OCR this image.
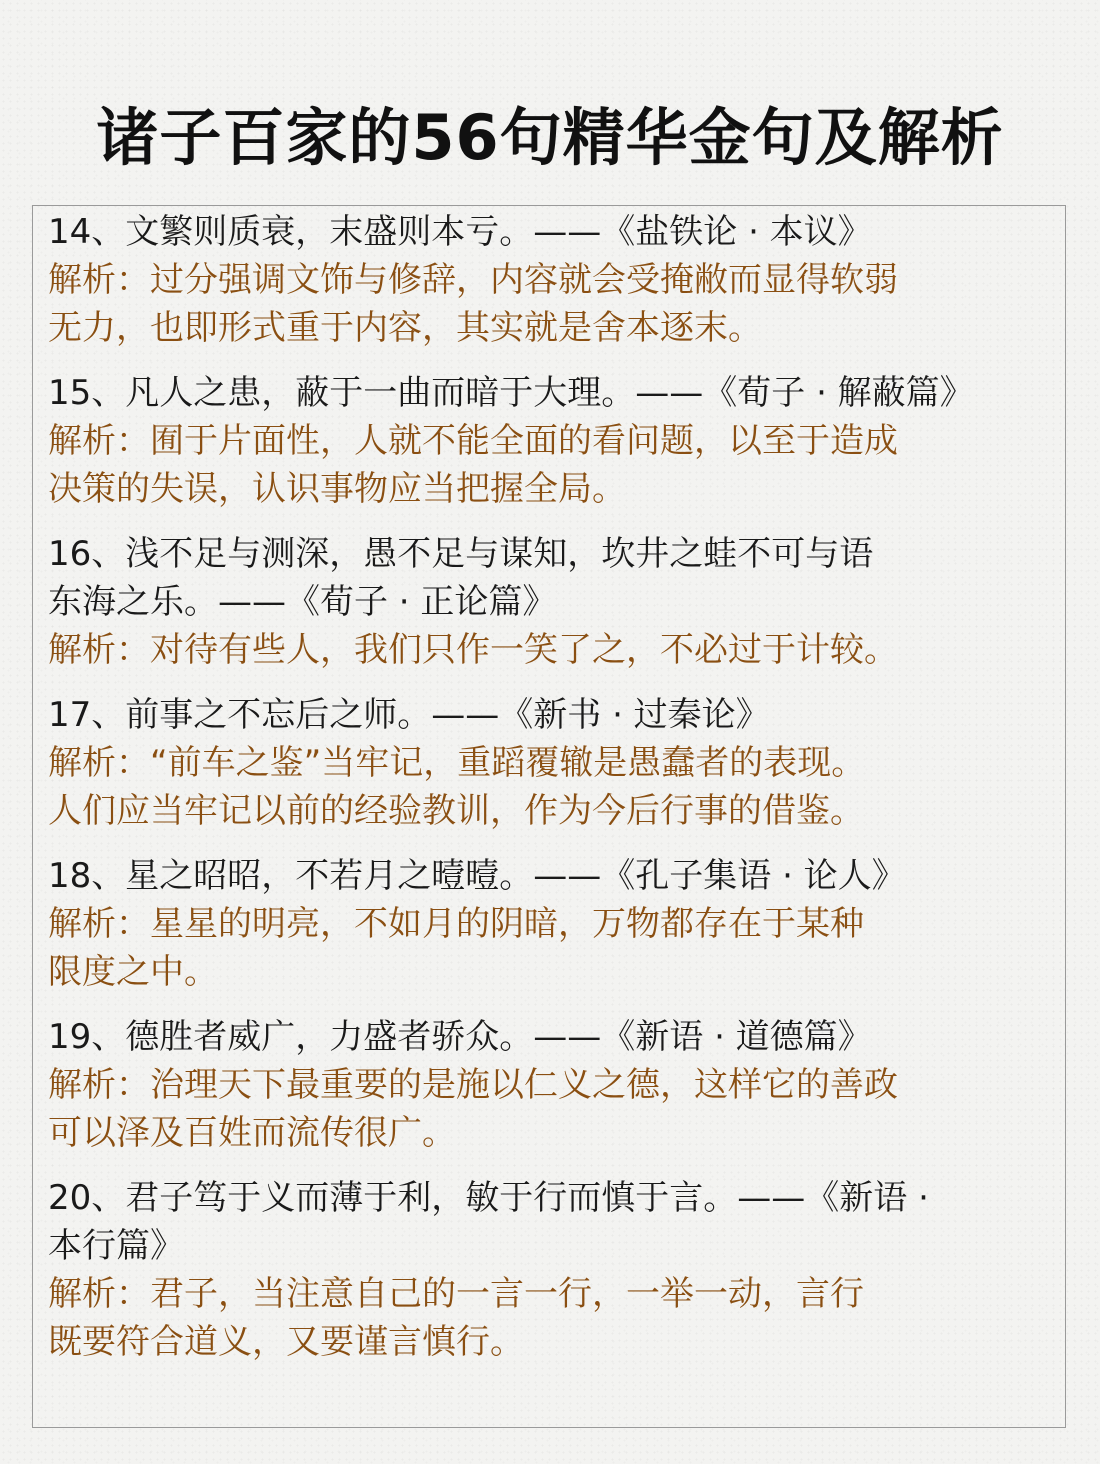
诸子百家的56句精华金句及解析
14、文繁则质衰，末盛则本亏。——《盐铁论 · 本议》
解析：过分强调文饰与修辞，内容就会受掩敝而显得软弱
无力，也即形式重于内容，其实就是舍本逐末。
15、凡人之患，蔽于一曲而暗于大理。——《荀子 · 解蔽篇》
解析：囿于片面性，人就不能全面的看问题，以至于造成
决策的失误，认识事物应当把握全局。
16、浅不足与测深，愚不足与谋知，坎井之蛙不可与语
东海之乐。——《荀子 · 正论篇》
解析：对待有些人，我们只作一笑了之，不必过于计较。
17、前事之不忘后之师。——《新书 · 过秦论》
解析：“前车之鉴”当牢记，重蹈覆辙是愚蠢者的表现。
人们应当牢记以前的经验教训，作为今后行事的借鉴。
18、星之昭昭，不若月之曀曀。——《孔子集语 · 论人》
解析：星星的明亮，不如月的阴暗，万物都存在于某种
限度之中。
19、德胜者威广，力盛者骄众。——《新语 · 道德篇》
解析：治理天下最重要的是施以仁义之德，这样它的善政
可以泽及百姓而流传很广。
20、君子笃于义而薄于利，敏于行而慎于言。——《新语 ·
本行篇》
解析：君子，当注意自己的一言一行，一举一动，言行
既要符合道义，又要谨言慎行。
